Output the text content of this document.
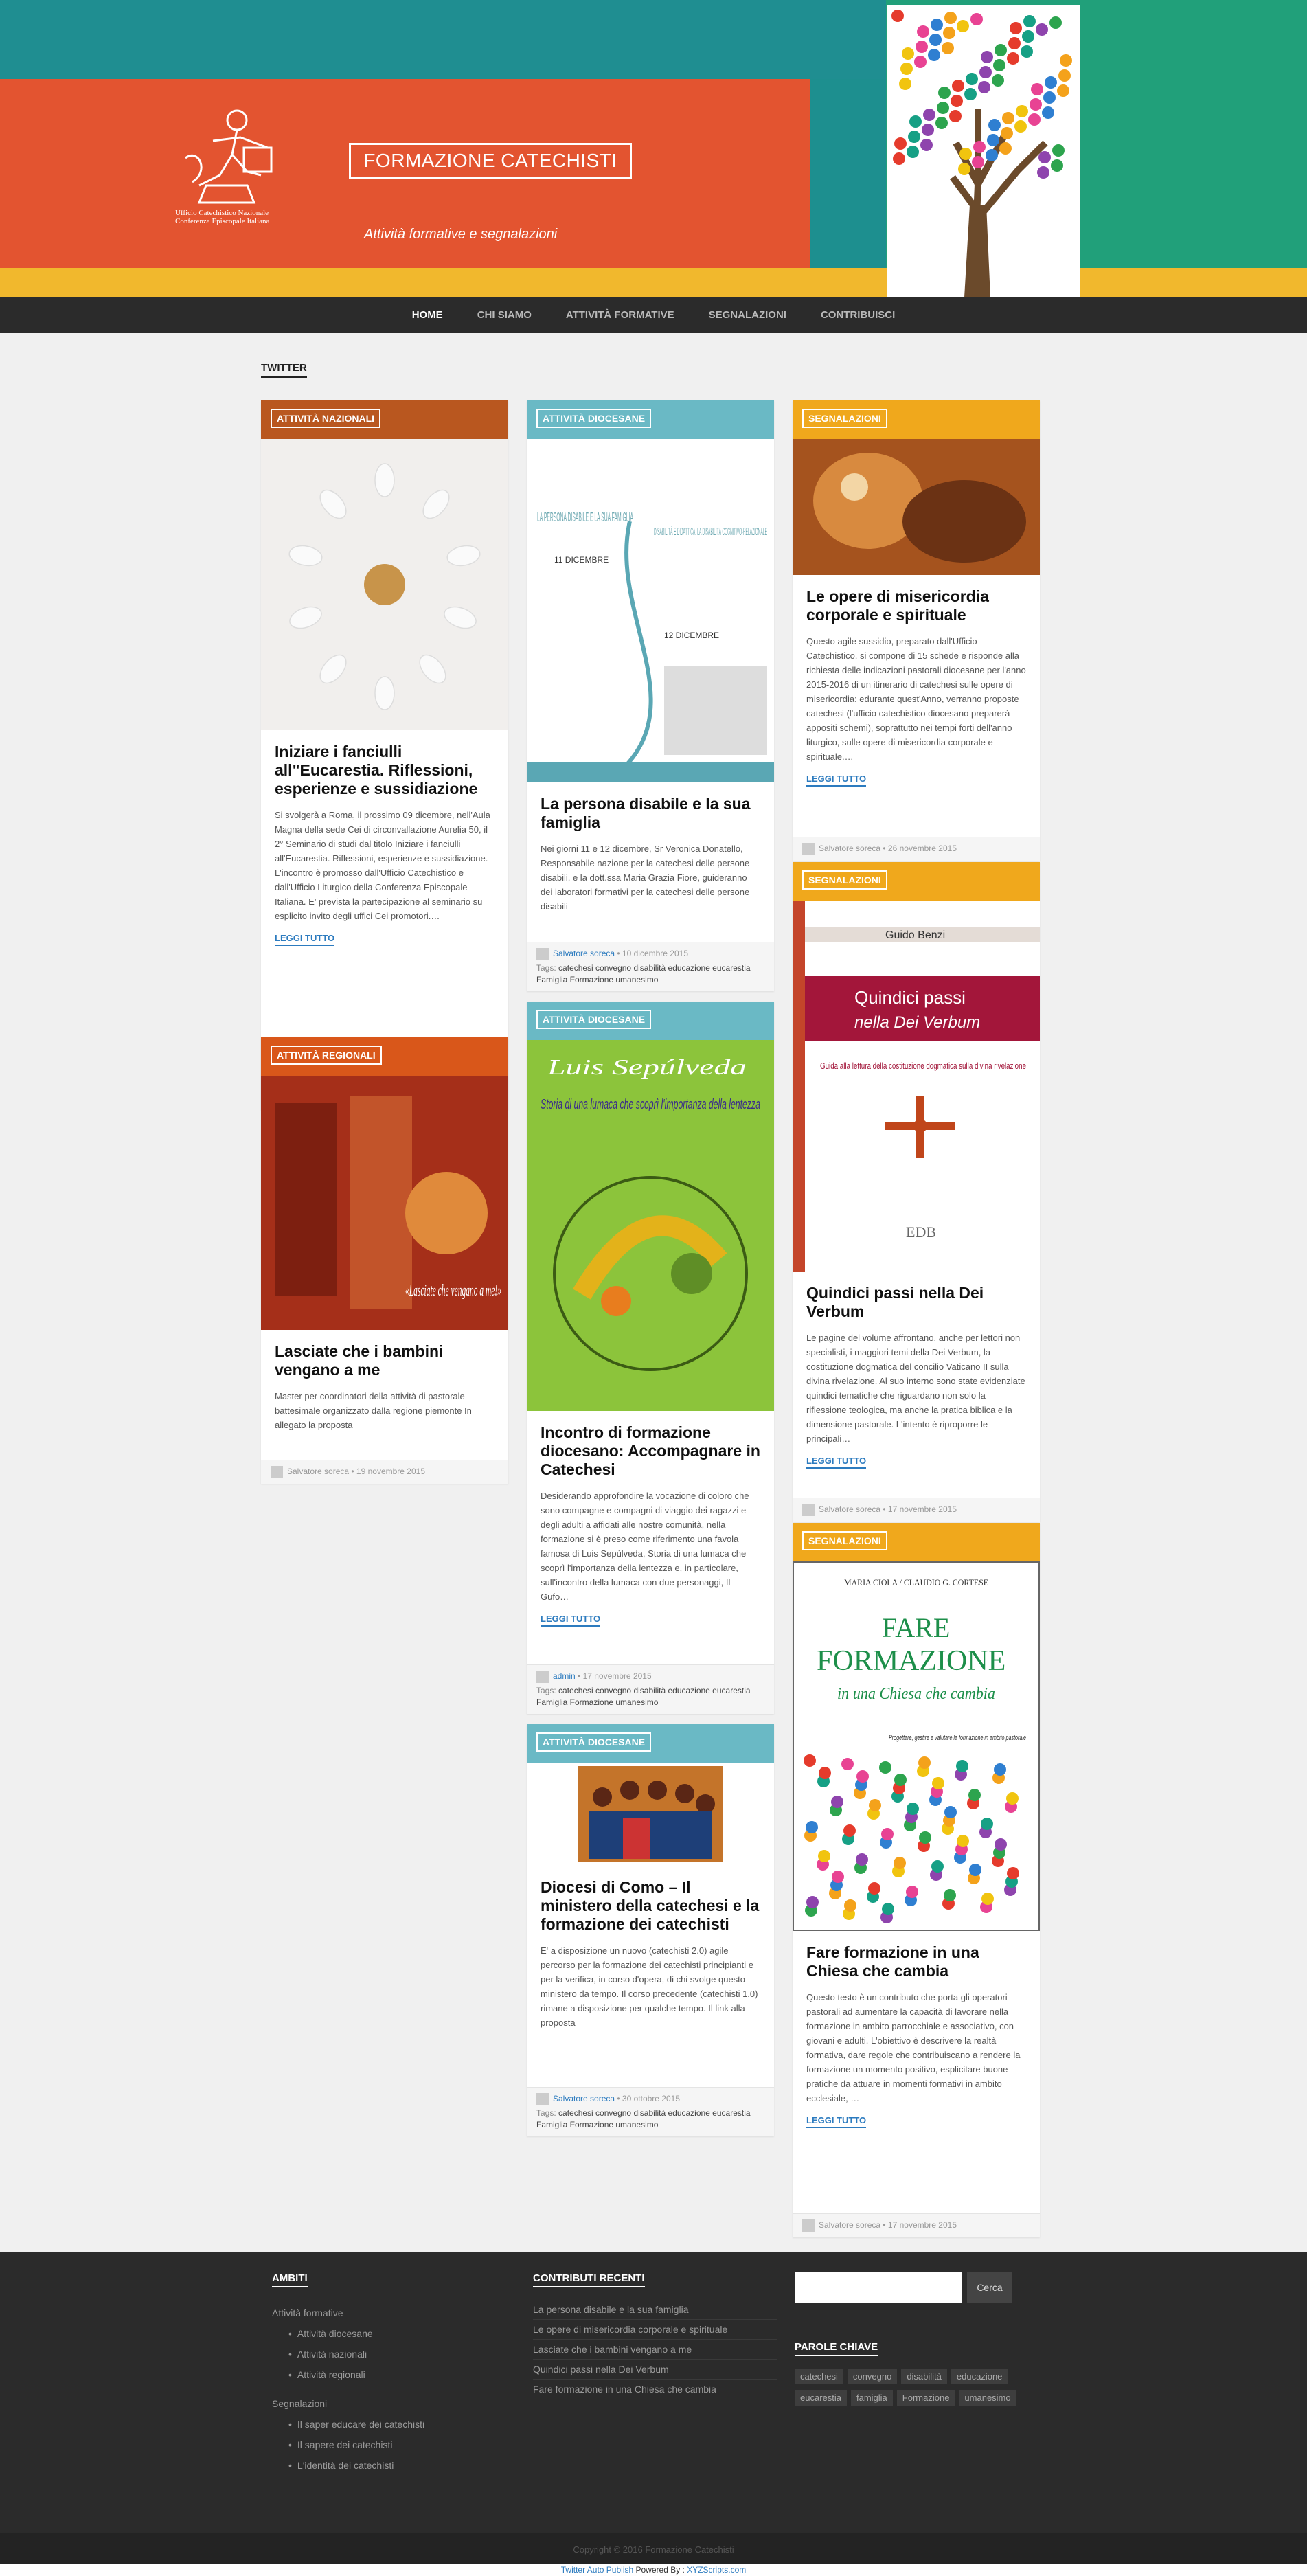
Ufficio Catechistico Nazionale
Conferenza Episcopale Italiana
FORMAZIONE CATECHISTI
Attività formative e segnalazioni
HOME	CHI SIAMO	ATTIVITÀ FORMATIVE	SEGNALAZIONI	CONTRIBUISCI
TWITTER
ATTIVITÀ NAZIONALI
Iniziare i fanciulli all"Eucarestia. Riflessioni, esperienze e sussidiazione

Si svolgerà a Roma, il prossimo 09 dicembre, nell'Aula Magna della sede Cei di circonvallazione Aurelia 50, il 2° Seminario di studi dal titolo Iniziare i fanciulli all'Eucarestia. Riflessioni, esperienze e sussidiazione. L'incontro è promosso dall'Ufficio Catechistico e dall'Ufficio Liturgico della Conferenza Episcopale Italiana. E' prevista la partecipazione al seminario su esplicito invito degli uffici Cei promotori.…

LEGGI TUTTO
ATTIVITÀ REGIONALI
«Lasciate che vengano a me!»
Lasciate che i bambini vengano a me

Master per coordinatori della attività di pastorale battesimale organizzato dalla regione piemonte In allegato la proposta

Salvatore soreca • 19 novembre 2015
ATTIVITÀ DIOCESANE
LA PERSONA DISABILE E LA SUA FAMIGLIA
11 DICEMBRE
12 DICEMBRE
La persona disabile e la sua famiglia

Nei giorni 11 e 12 dicembre, Sr Veronica Donatello, Responsabile nazione per la catechesi delle persone disabili, e la dott.ssa Maria Grazia Fiore, guideranno dei laboratori formativi per la catechesi delle persone disabili

Salvatore soreca • 10 dicembre 2015
Tags: catechesi convegno disabilità educazione eucarestia Famiglia Formazione umanesimo
ATTIVITÀ DIOCESANE
Luis Sepúlveda
Storia di una lumaca che scoprì l'importanza della lentezza
Incontro di formazione diocesano: Accompagnare in Catechesi

Desiderando approfondire la vocazione di coloro che sono compagne e compagni di viaggio dei ragazzi e degli adulti a affidati alle nostre comunità, nella formazione si è preso come riferimento una favola famosa di Luis Sepùlveda, Storia di una lumaca che scoprì l'importanza della lentezza e, in particolare, sull'incontro della lumaca con due personaggi, Il Gufo…

LEGGI TUTTO
admin • 17 novembre 2015
Tags: catechesi convegno disabilità educazione eucarestia Famiglia Formazione umanesimo
ATTIVITÀ DIOCESANE
Diocesi di Como – Il ministero della catechesi e la formazione dei catechisti

E' a disposizione un nuovo (catechisti 2.0) agile percorso per la formazione dei catechisti principianti e per la verifica, in corso d'opera, di chi svolge questo ministero da tempo. Il corso precedente (catechisti 1.0) rimane a disposizione per qualche tempo. Il link alla proposta

Salvatore soreca • 30 ottobre 2015
Tags: catechesi convegno disabilità educazione eucarestia Famiglia Formazione umanesimo
SEGNALAZIONI
Le opere di misericordia corporale e spirituale

Questo agile sussidio, preparato dall'Ufficio Catechistico, si compone di 15 schede e risponde alla richiesta delle indicazioni pastorali diocesane per l'anno 2015-2016 di un itinerario di catechesi sulle opere di misericordia: edurante quest'Anno, verranno proposte catechesi (l'ufficio catechistico diocesano preparerà appositi schemi), soprattutto nei tempi forti dell'anno liturgico, sulle opere di misericordia corporale e spirituale.…

LEGGI TUTTO
Salvatore soreca • 26 novembre 2015
SEGNALAZIONI
Guido Benzi
Quindici passi
nella Dei Verbum
Guida alla lettura della costituzione dogmatica sulla divina rivelazione
EDB
Quindici passi nella Dei Verbum

Le pagine del volume affrontano, anche per lettori non specialisti, i maggiori temi della Dei Verbum, la costituzione dogmatica del concilio Vaticano II sulla divina rivelazione. Al suo interno sono state evidenziate quindici tematiche che riguardano non solo la riflessione teologica, ma anche la pratica biblica e la dimensione pastorale. L'intento è riproporre le principali…

LEGGI TUTTO
Salvatore soreca • 17 novembre 2015
SEGNALAZIONI
MARIA CIOLA / CLAUDIO G. CORTESE
FARE
FORMAZIONE
in una Chiesa che cambia
Progettare, gestire e valutare la formazione in ambito pastorale
Fare formazione in una Chiesa che cambia

Questo testo è un contributo che porta gli operatori pastorali ad aumentare la capacità di lavorare nella formazione in ambito parrocchiale e associativo, con giovani e adulti. L'obiettivo è descrivere la realtà formativa, dare regole che contribuiscano a rendere la formazione un momento positivo, esplicitare buone pratiche da attuare in momenti formativi in ambito ecclesiale, …

LEGGI TUTTO
Salvatore soreca • 17 novembre 2015
AMBITI
Attività formative
• Attività diocesane
• Attività nazionali
• Attività regionali
Segnalazioni
• Il saper educare dei catechisti
• Il sapere dei catechisti
• L'identità dei catechisti
CONTRIBUTI RECENTI
La persona disabile e la sua famiglia
Le opere di misericordia corporale e spirituale
Lasciate che i bambini vengano a me
Quindici passi nella Dei Verbum
Fare formazione in una Chiesa che cambia
Cerca
PAROLE CHIAVE
catechesi convegno disabilità educazioneeucarestia famiglia Formazione umanesimo
Copyright © 2016 Formazione Catechisti
Twitter Auto Publish Powered By : XYZScripts.com
